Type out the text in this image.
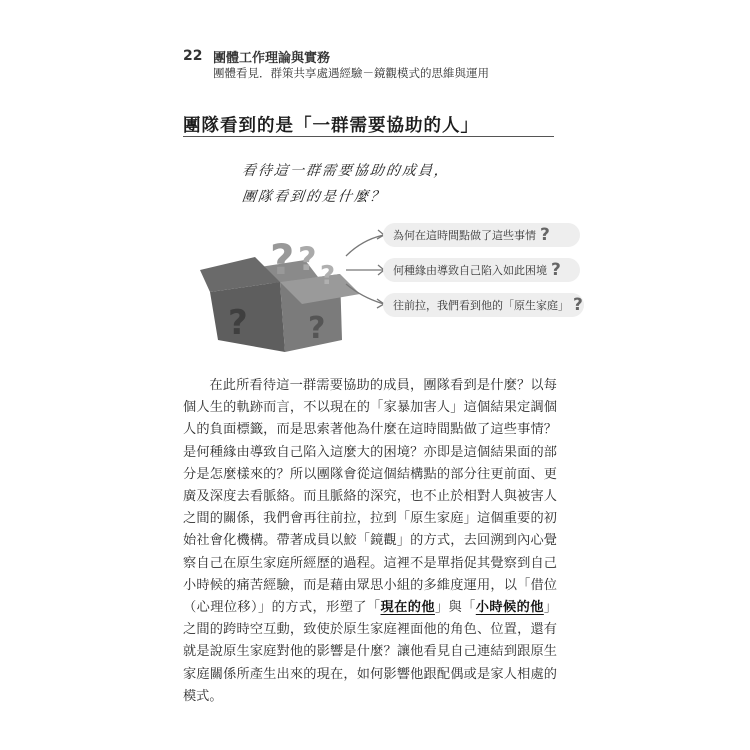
22 團體工作理論與實務
團體看見．群策共享處遇經驗－鏡觀模式的思維與運用
團隊看到的是「一群需要協助的人」
看待這一群需要協助的成員，
團隊看到的是什麼？
? ? ?
? ?
為何在這時間點做了這些事情 ?
何種緣由導致自己陷入如此困境 ?
往前拉，我們看到他的「原生家庭」 ?

在此所看待這一群需要協助的成員，團隊看到是什麼？以每個人生的軌跡而言，不以現在的「家暴加害人」這個結果定調個人的負面標籤，而是思索著他為什麼在這時間點做了這些事情？是何種緣由導致自己陷入這麼大的困境？亦即是這個結果面的部分是怎麼樣來的？所以團隊會從這個結構點的部分往更前面、更廣及深度去看脈絡。而且脈絡的深究，也不止於相對人與被害人之間的關係，我們會再往前拉，拉到「原生家庭」這個重要的初始社會化機構。帶著成員以鮫「鏡觀」的方式，去回溯到內心覺察自己在原生家庭所經歷的過程。這裡不是單指促其覺察到自己小時候的痛苦經驗，而是藉由眾思小組的多維度運用，以「借位（心理位移）」的方式，形塑了「現在的他」與「小時候的他」之間的跨時空互動，致使於原生家庭裡面他的角色、位置，還有就是說原生家庭對他的影響是什麼？讓他看見自己連結到跟原生家庭關係所產生出來的現在，如何影響他跟配偶或是家人相處的模式。
